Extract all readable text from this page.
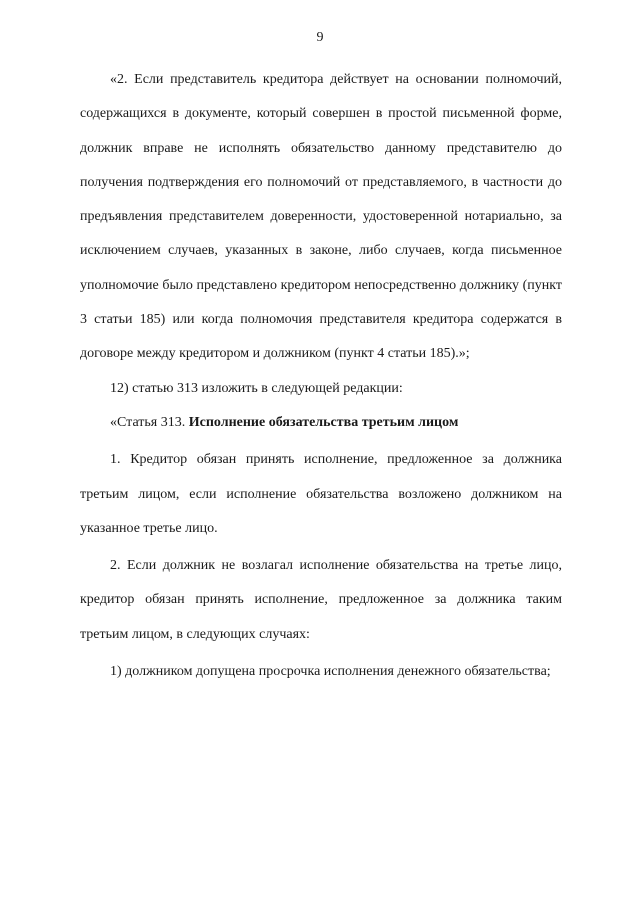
9

«2. Если представитель кредитора действует на основании полномочий, содержащихся в документе, который совершен в простой письменной форме, должник вправе не исполнять обязательство данному представителю до получения подтверждения его полномочий от представляемого, в частности до предъявления представителем доверенности, удостоверенной нотариально, за исключением случаев, указанных в законе, либо случаев, когда письменное уполномочие было представлено кредитором непосредственно должнику (пункт 3 статьи 185) или когда полномочия представителя кредитора содержатся в договоре между кредитором и должником (пункт 4 статьи 185).»;

12) статью 313 изложить в следующей редакции:

«Статья 313. Исполнение обязательства третьим лицом

1. Кредитор обязан принять исполнение, предложенное за должника третьим лицом, если исполнение обязательства возложено должником на указанное третье лицо.

2. Если должник не возлагал исполнение обязательства на третье лицо, кредитор обязан принять исполнение, предложенное за должника таким третьим лицом, в следующих случаях:

1) должником допущена просрочка исполнения денежного обязательства;
